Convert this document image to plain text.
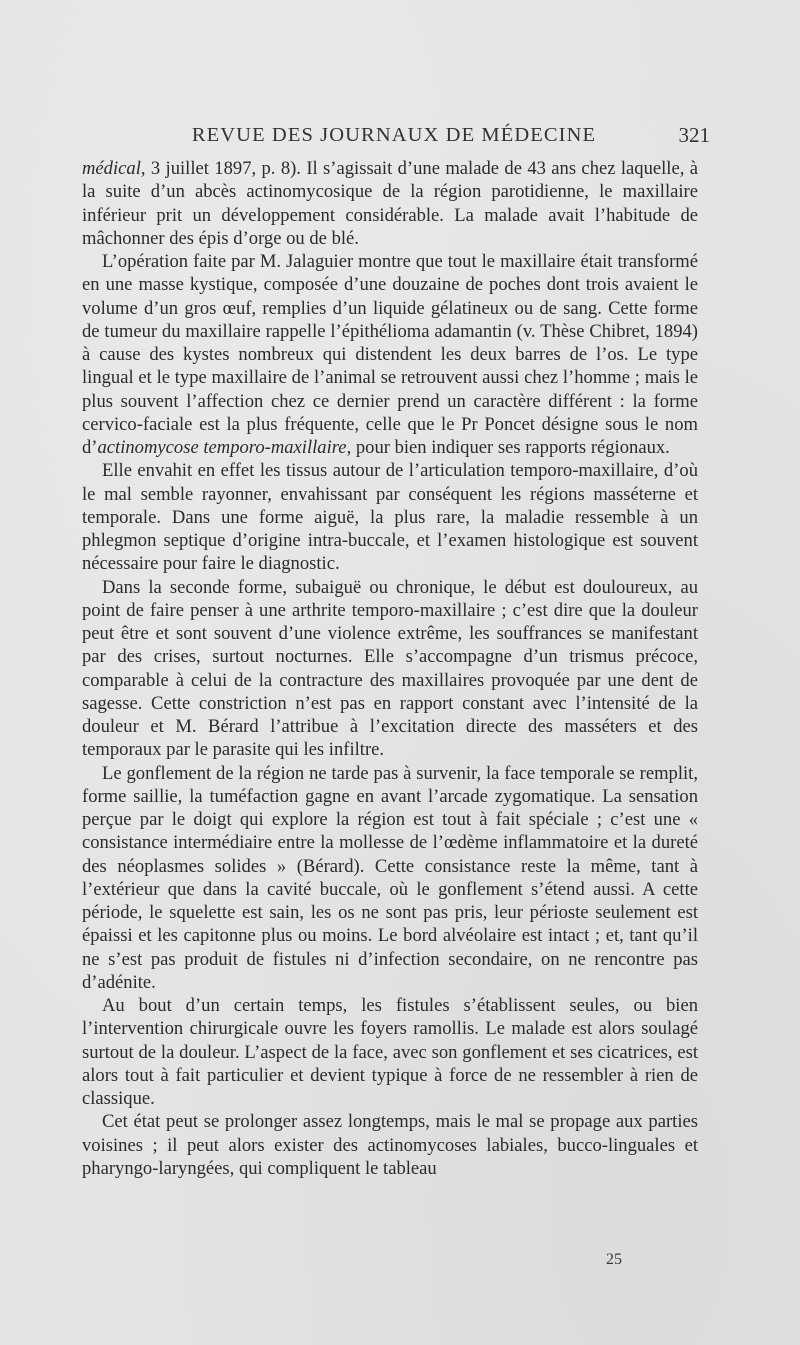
REVUE DES JOURNAUX DE MÉDECINE	321

médical, 3 juillet 1897, p. 8). Il s’agissait d’une malade de 43 ans chez laquelle, à la suite d’un abcès actinomycosique de la région parotidienne, le maxillaire inférieur prit un développement considérable. La malade avait l’habitude de mâchonner des épis d’orge ou de blé.

L’opération faite par M. Jalaguier montre que tout le maxillaire était transformé en une masse kystique, composée d’une douzaine de poches dont trois avaient le volume d’un gros œuf, remplies d’un liquide gélatineux ou de sang. Cette forme de tumeur du maxillaire rappelle l’épithélioma adamantin (v. Thèse Chibret, 1894) à cause des kystes nombreux qui distendent les deux barres de l’os. Le type lingual et le type maxillaire de l’animal se retrouvent aussi chez l’homme ; mais le plus souvent l’affection chez ce dernier prend un caractère différent : la forme cervico-faciale est la plus fréquente, celle que le Pr Poncet désigne sous le nom d’actinomycose temporo-maxillaire, pour bien indiquer ses rapports régionaux.

Elle envahit en effet les tissus autour de l’articulation temporo-maxillaire, d’où le mal semble rayonner, envahissant par conséquent les régions masséterne et temporale. Dans une forme aiguë, la plus rare, la maladie ressemble à un phlegmon septique d’origine intra-buccale, et l’examen histologique est souvent nécessaire pour faire le diagnostic.

Dans la seconde forme, subaiguë ou chronique, le début est douloureux, au point de faire penser à une arthrite temporo-maxillaire ; c’est dire que la douleur peut être et sont souvent d’une violence extrême, les souffrances se manifestant par des crises, surtout nocturnes. Elle s’accompagne d’un trismus précoce, comparable à celui de la contracture des maxillaires provoquée par une dent de sagesse. Cette constriction n’est pas en rapport constant avec l’intensité de la douleur et M. Bérard l’attribue à l’excitation directe des masséters et des temporaux par le parasite qui les infiltre.

Le gonflement de la région ne tarde pas à survenir, la face temporale se remplit, forme saillie, la tuméfaction gagne en avant l’arcade zygomatique. La sensation perçue par le doigt qui explore la région est tout à fait spéciale ; c’est une « consistance intermédiaire entre la mollesse de l’œdème inflammatoire et la dureté des néoplasmes solides » (Bérard). Cette consistance reste la même, tant à l’extérieur que dans la cavité buccale, où le gonflement s’étend aussi. A cette période, le squelette est sain, les os ne sont pas pris, leur périoste seulement est épaissi et les capitonne plus ou moins. Le bord alvéolaire est intact ; et, tant qu’il ne s’est pas produit de fistules ni d’infection secondaire, on ne rencontre pas d’adénite.

Au bout d’un certain temps, les fistules s’établissent seules, ou bien l’intervention chirurgicale ouvre les foyers ramollis. Le malade est alors soulagé surtout de la douleur. L’aspect de la face, avec son gonflement et ses cicatrices, est alors tout à fait particulier et devient typique à force de ne ressembler à rien de classique.

Cet état peut se prolonger assez longtemps, mais le mal se propage aux parties voisines ; il peut alors exister des actinomycoses labiales, bucco-linguales et pharyngo-laryngées, qui compliquent le tableau

25
